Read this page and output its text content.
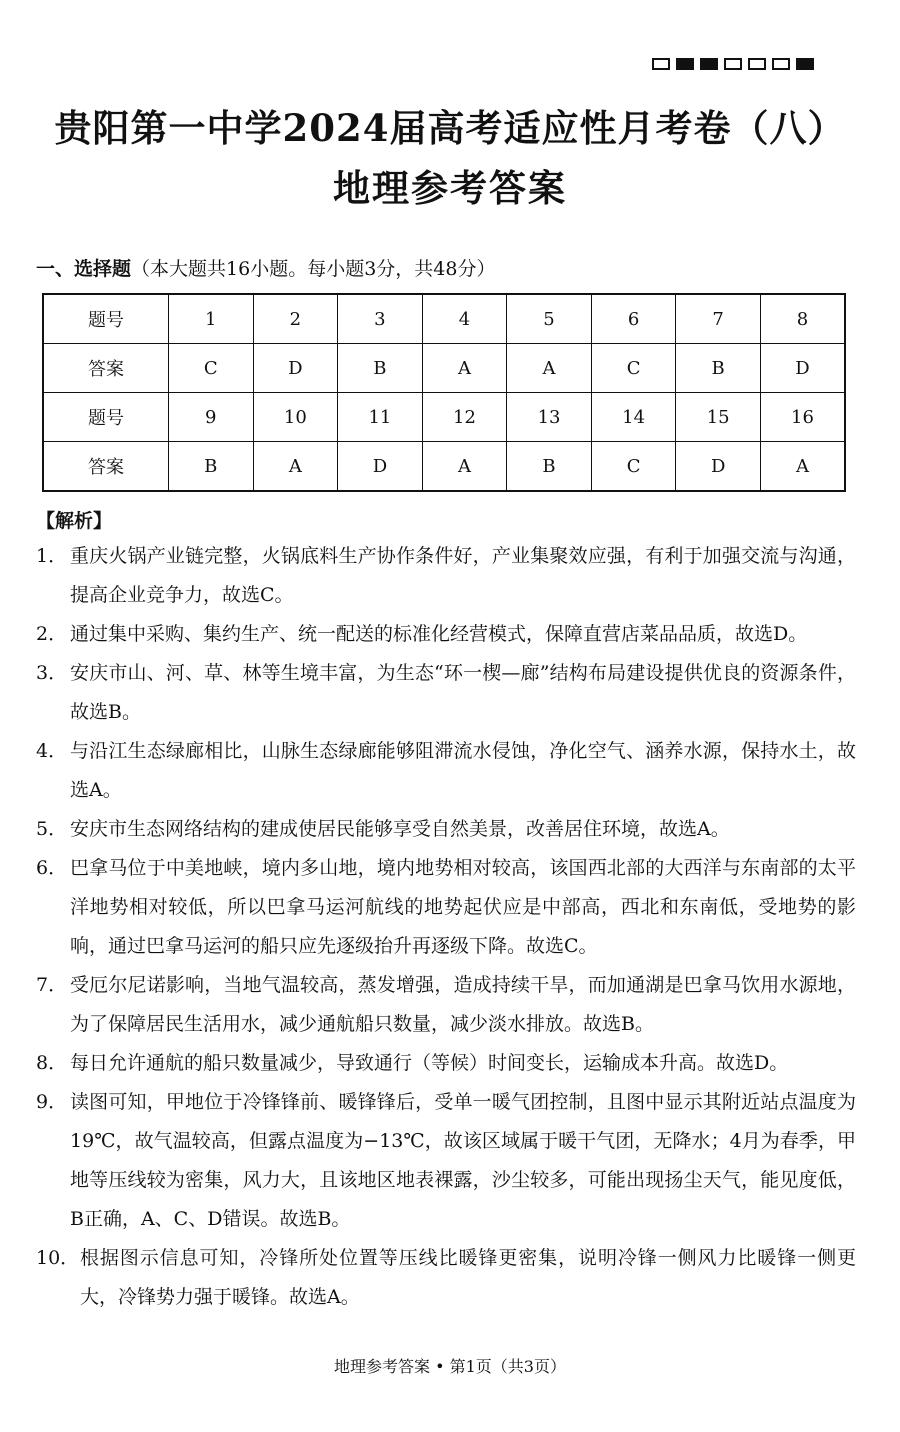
贵阳第一中学2024届高考适应性月考卷（八）
地理参考答案
一、选择题（本大题共16小题。每小题3分，共48分）
题号	1	2	3	4	5	6	7	8
答案	C	D	B	A	A	C	B	D
题号	9	10	11	12	13	14	15	16
答案	B	A	D	A	B	C	D	A
【解析】
1． 重庆火锅产业链完整，火锅底料生产协作条件好，产业集聚效应强，有利于加强交流与沟通，提高企业竞争力，故选C。
2． 通过集中采购、集约生产、统一配送的标准化经营模式，保障直营店菜品品质，故选D。
3． 安庆市山、河、草、林等生境丰富，为生态“环一楔—廊”结构布局建设提供优良的资源条件，故选B。
4． 与沿江生态绿廊相比，山脉生态绿廊能够阻滞流水侵蚀，净化空气、涵养水源，保持水土，故选A。
5． 安庆市生态网络结构的建成使居民能够享受自然美景，改善居住环境，故选A。
6． 巴拿马位于中美地峡，境内多山地，境内地势相对较高，该国西北部的大西洋与东南部的太平洋地势相对较低，所以巴拿马运河航线的地势起伏应是中部高，西北和东南低，受地势的影响，通过巴拿马运河的船只应先逐级抬升再逐级下降。故选C。
7． 受厄尔尼诺影响，当地气温较高，蒸发增强，造成持续干旱，而加通湖是巴拿马饮用水源地，为了保障居民生活用水，减少通航船只数量，减少淡水排放。故选B。
8． 每日允许通航的船只数量减少，导致通行（等候）时间变长，运输成本升高。故选D。
9． 读图可知，甲地位于冷锋锋前、暖锋锋后，受单一暖气团控制，且图中显示其附近站点温度为19℃，故气温较高，但露点温度为−13℃，故该区域属于暖干气团，无降水；4月为春季，甲地等压线较为密集，风力大，且该地区地表裸露，沙尘较多，可能出现扬尘天气，能见度低，B正确，A、C、D错误。故选B。
10． 根据图示信息可知，冷锋所处位置等压线比暖锋更密集，说明冷锋一侧风力比暖锋一侧更大，冷锋势力强于暖锋。故选A。
地理参考答案 • 第1页（共3页）
